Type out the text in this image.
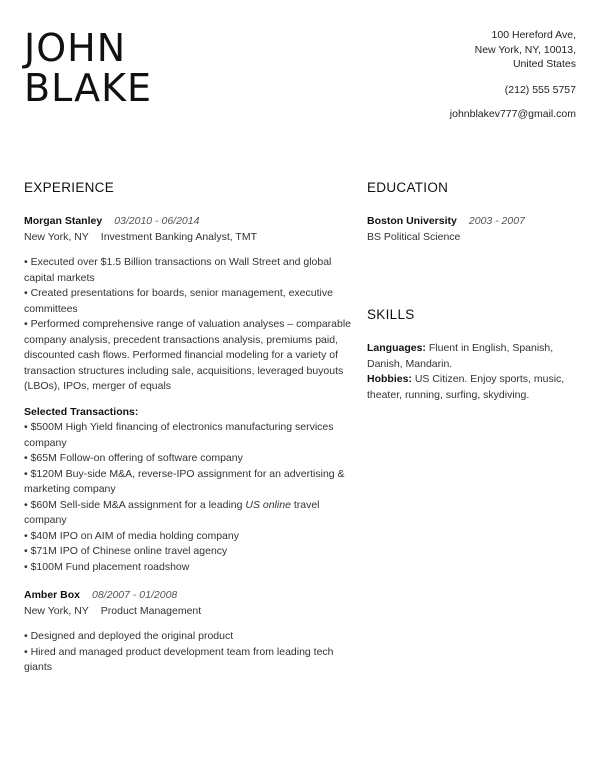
JOHN
BLAKE
100 Hereford Ave,
New York, NY, 10013,
United States
(212) 555 5757
johnblakev777@gmail.com
EXPERIENCE
Morgan Stanley 03/2010 - 06/2014
New York, NY Investment Banking Analyst, TMT
• Executed over $1.5 Billion transactions on Wall Street and global capital markets
• Created presentations for boards, senior management, executive committees
• Performed comprehensive range of valuation analyses – comparable company analysis, precedent transactions analysis, premiums paid, discounted cash flows. Performed financial modeling for a variety of transaction structures including sale, acquisitions, leveraged buyouts (LBOs), IPOs, merger of equals
Selected Transactions:
• $500M High Yield financing of electronics manufacturing services company
• $65M Follow-on offering of software company
• $120M Buy-side M&A, reverse-IPO assignment for an advertising & marketing company
• $60M Sell-side M&A assignment for a leading US online travel company
• $40M IPO on AIM of media holding company
• $71M IPO of Chinese online travel agency
• $100M Fund placement roadshow
Amber Box 08/2007 - 01/2008
New York, NY Product Management
• Designed and deployed the original product
• Hired and managed product development team from leading tech giants
EDUCATION
Boston University 2003 - 2007
BS Political Science
SKILLS
Languages: Fluent in English, Spanish, Danish, Mandarin.
Hobbies: US Citizen. Enjoy sports, music, theater, running, surfing, skydiving.
